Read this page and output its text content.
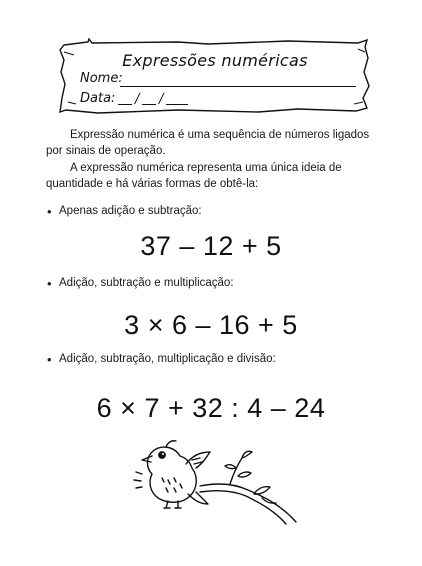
Expressões numéricas
Nome:
Data: / /
Expressão numérica é uma sequência de números ligados por sinais de operação.
A expressão numérica representa uma única ideia de quantidade e há várias formas de obtê-la:
• Apenas adição e subtração:
37 – 12 + 5
• Adição, subtração e multiplicação:
3 × 6 – 16 + 5
• Adição, subtração, multiplicação e divisão:
6 × 7 + 32 : 4 – 24
